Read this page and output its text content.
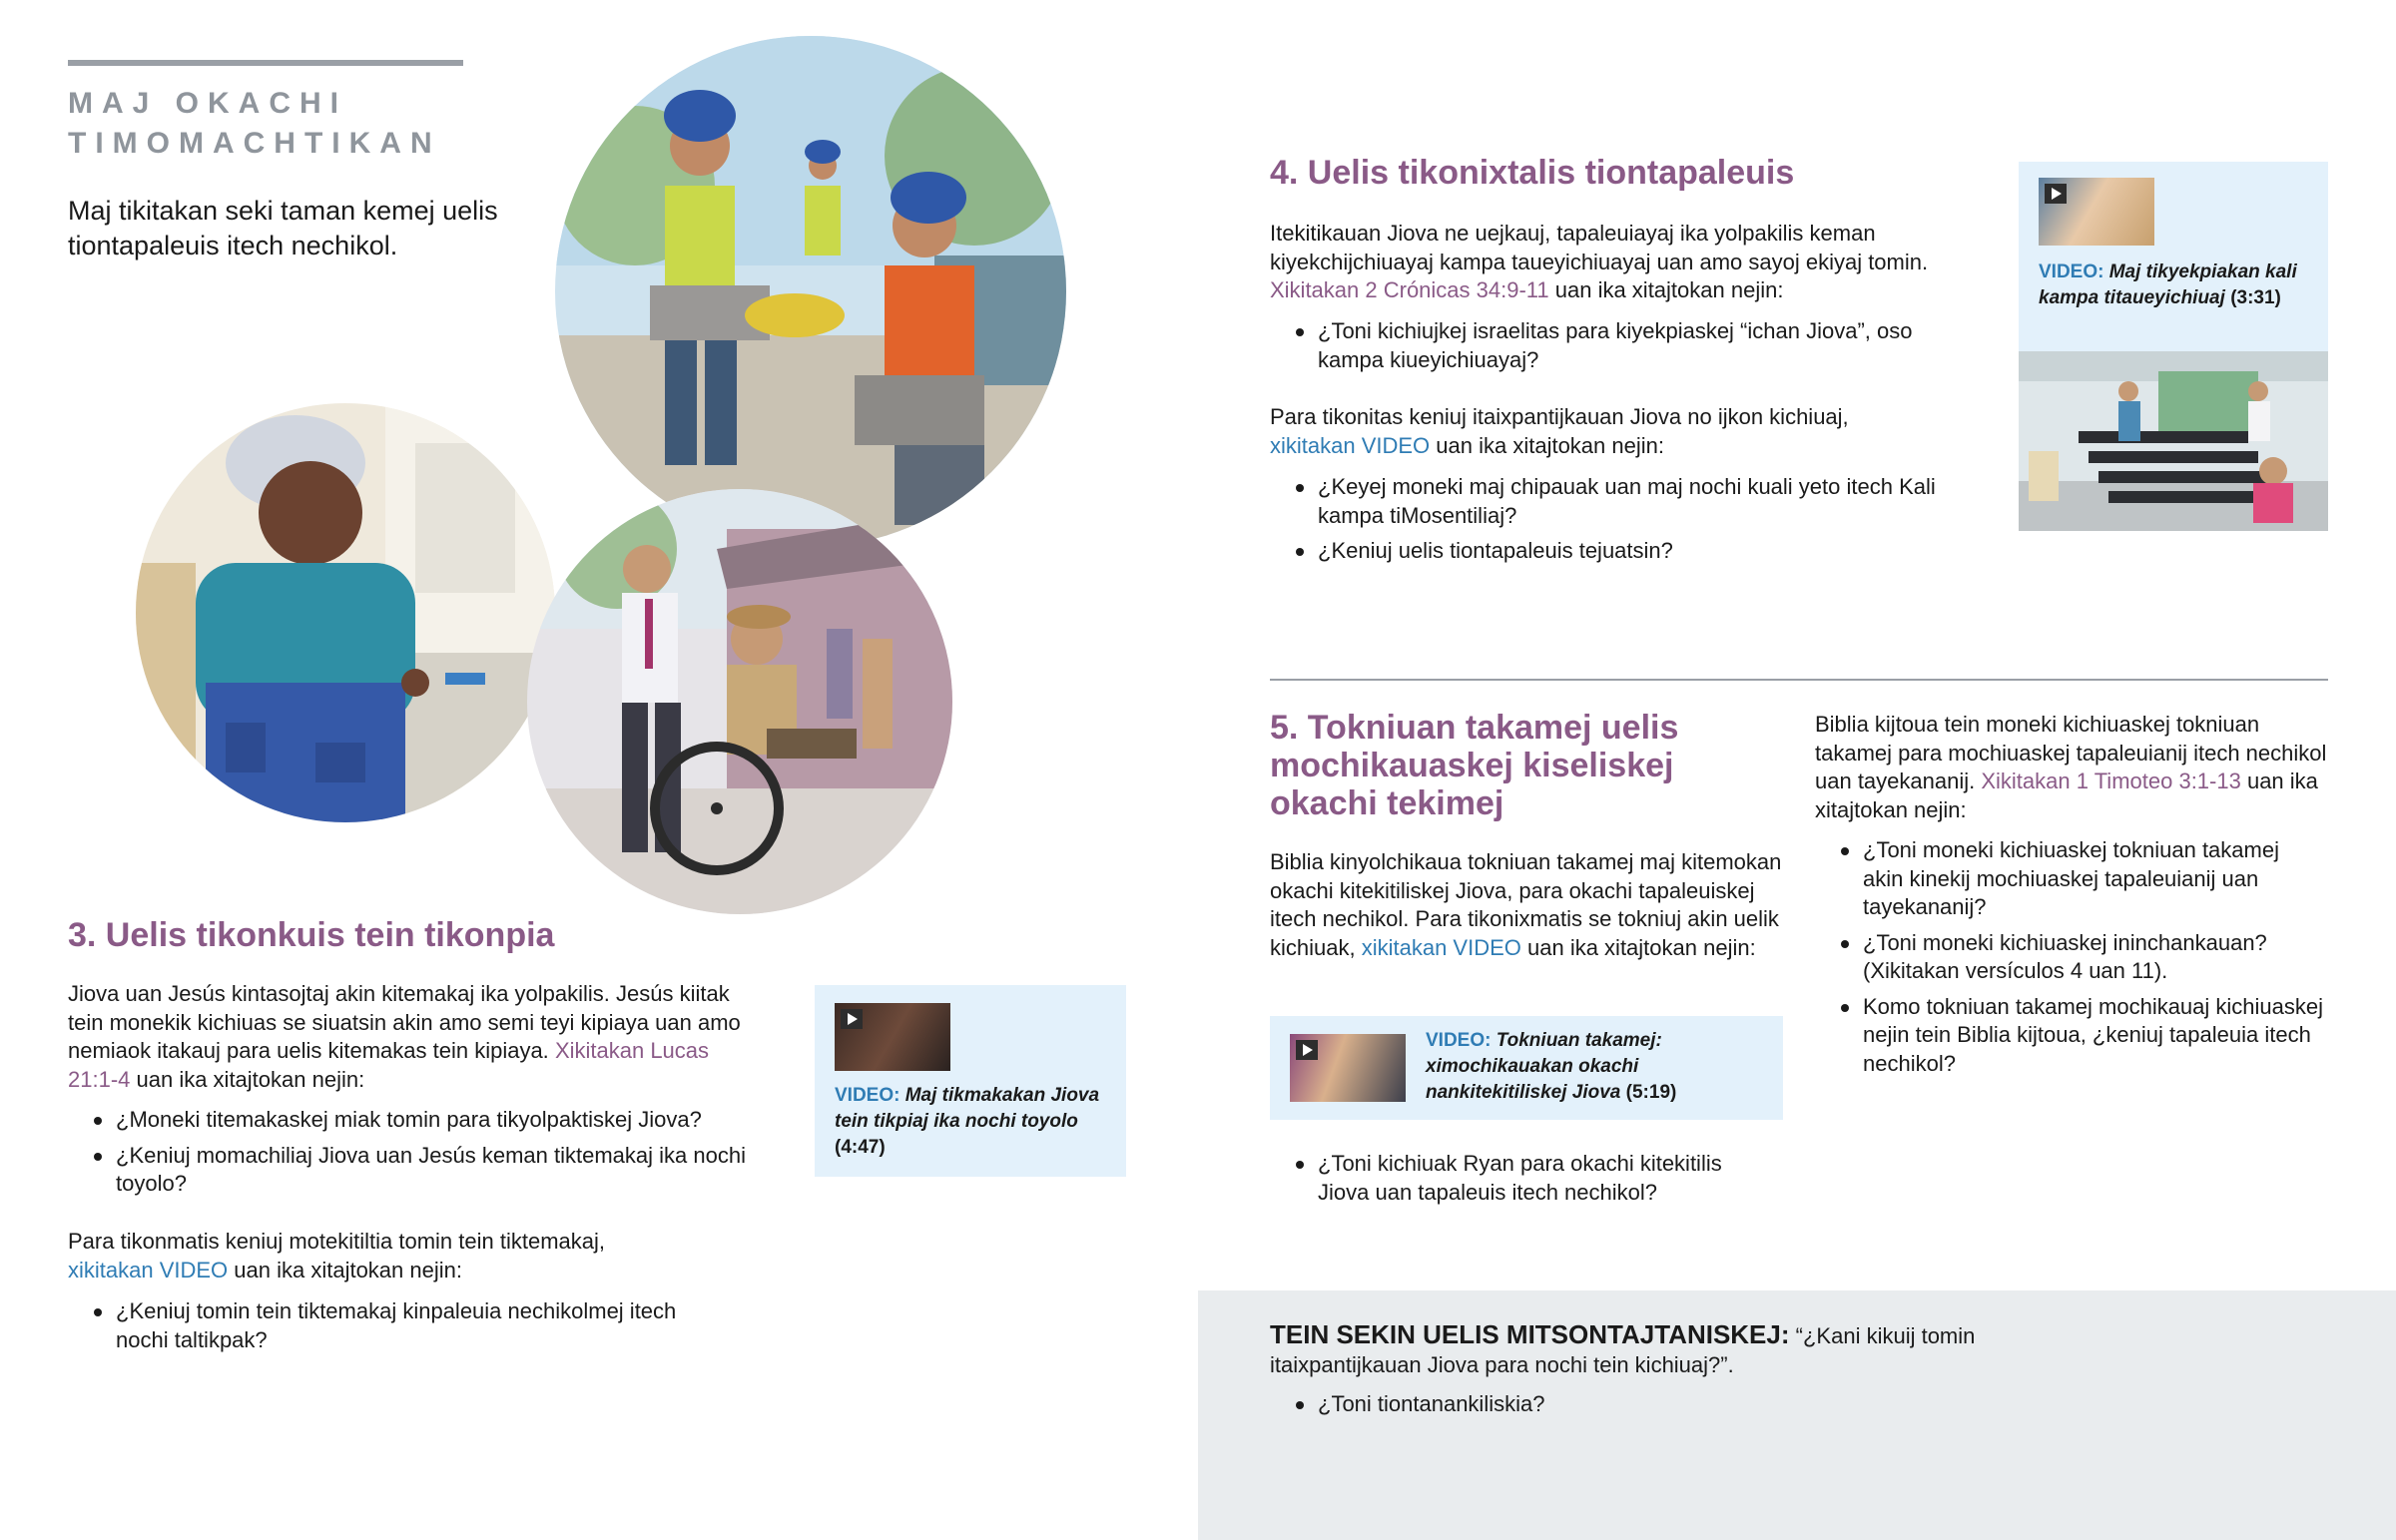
MAJ OKACHI
TIMOMACHTIKAN

Maj tikitakan seki taman kemej uelis tiontapaleuis itech nechikol.

3. Uelis tikonkuis tein tikonpia

Jiova uan Jesús kintasojtaj akin kitemakaj ika yolpakilis. Jesús kiitak tein monekik kichiuas se siuatsin akin amo semi teyi kipiaya uan amo nemiaok itakauj para uelis kitemakas tein kipiaya. Xikitakan Lucas 21:1-4 uan ika xitajtokan nejin:

¿Moneki titemakaskej miak tomin para tikyolpaktiskej Jiova?
¿Keniuj momachiliaj Jiova uan Jesús keman tiktemakaj ika nochi toyolo?

Para tikonmatis keniuj motekitiltia tomin tein tiktemakaj,
xikitakan VIDEO uan ika xitajtokan nejin:

¿Keniuj tomin tein tiktemakaj kinpaleuia nechikolmej itech nochi taltikpak?
VIDEO: Maj tikmakakan Jiova tein tikpiaj ika nochi toyolo (4:47)
4. Uelis tikonixtalis tiontapaleuis

Itekitikauan Jiova ne uejkauj, tapaleuiayaj ika yolpakilis keman kiyekchijchiuayaj kampa taueyichiuayaj uan amo sayoj ekiyaj tomin. Xikitakan 2 Crónicas 34:9-11 uan ika xitajtokan nejin:

¿Toni kichiujkej israelitas para kiyekpiaskej “ichan Jiova”, oso kampa kiueyichiuayaj?

Para tikonitas keniuj itaixpantijkauan Jiova no ijkon kichiuaj,
xikitakan VIDEO uan ika xitajtokan nejin:

¿Keyej moneki maj chipauak uan maj nochi kuali yeto itech Kali kampa tiMosentiliaj?
¿Keniuj uelis tiontapaleuis tejuatsin?
VIDEO: Maj tikyekpiakan kali kampa titaueyichiuaj (3:31)
5. Tokniuan takamej uelis mochikauaskej kiseliskej okachi tekimej

Biblia kinyolchikaua tokniuan takamej maj kitemokan okachi kitekitiliskej Jiova, para okachi tapaleuiskej itech nechikol. Para tikonixmatis se tokniuj akin uelik kichiuak, xikitakan VIDEO uan ika xitajtokan nejin:

VIDEO: Tokniuan takamej: ximochikauakan okachi nankitekitiliskej Jiova (5:19)
¿Toni kichiuak Ryan para okachi kitekitilis Jiova uan tapaleuis itech nechikol?

Biblia kijtoua tein moneki kichiuaskej tokniuan takamej para mochiuaskej tapaleuianij itech nechikol uan tayekananij. Xikitakan 1 Timoteo 3:1-13 uan ika xitajtokan nejin:

¿Toni moneki kichiuaskej tokniuan takamej akin kinekij mochiuaskej tapaleuianij uan tayekananij?
¿Toni moneki kichiuaskej ininchankauan? (Xikitakan versículos 4 uan 11).
Komo tokniuan takamej mochikauaj kichiuaskej nejin tein Biblia kijtoua, ¿keniuj tapaleuia itech nechikol?

TEIN SEKIN UELIS MITSONTAJTANISKEJ: “¿Kani kikuij tomin itaixpantijkauan Jiova para nochi tein kichiuaj?”.

¿Toni tiontanankiliskia?
